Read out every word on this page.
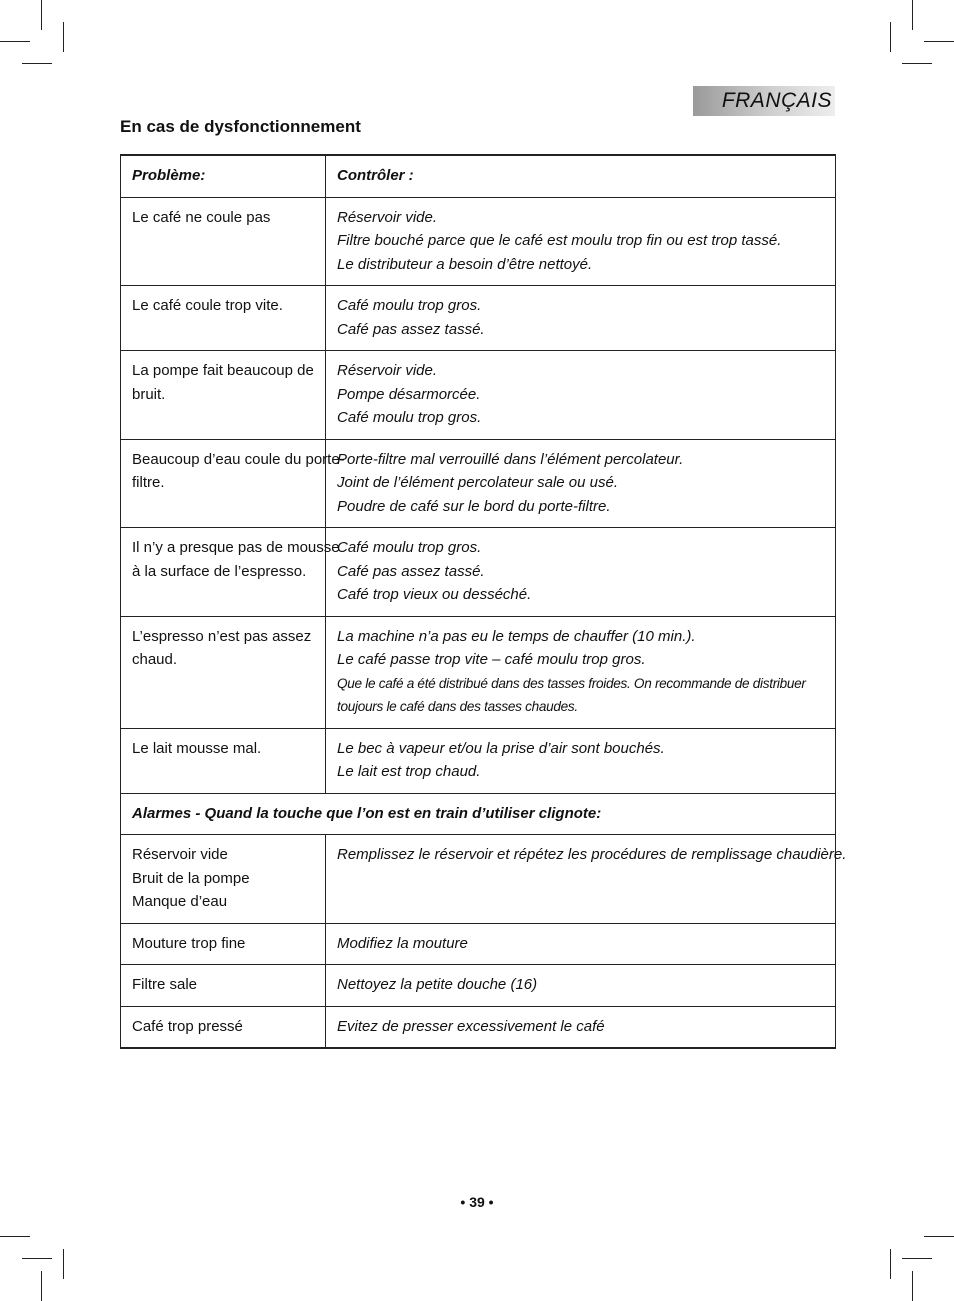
FRANÇAIS
En cas de dysfonctionnement
Problème:	Contrôler :

Le café ne coule pas	Réservoir vide.
Filtre bouché parce que le café est moulu trop fin ou est trop tassé.
Le distributeur a besoin d’être nettoyé.

Le café coule trop vite.	Café moulu trop gros.
Café pas assez tassé.

La pompe fait beaucoup de
bruit.	Réservoir vide.
Pompe désarmorcée.
Café moulu trop gros.

Beaucoup d’eau coule du porte-
filtre.	Porte-filtre mal verrouillé dans l’élément percolateur.
Joint de l’élément percolateur sale ou usé.
Poudre de café sur le bord du porte-filtre.

Il n’y a presque pas de mousse
à la surface de l’espresso.	Café moulu trop gros.
Café pas assez tassé.
Café trop vieux ou desséché.

L’espresso n’est pas assez
chaud.	La machine n’a pas eu le temps de chauffer (10 min.).
Le café passe trop vite – café moulu trop gros.
Que le café a été distribué dans des tasses froides. On recommande de distribuer toujours le café dans des tasses chaudes.

Le lait mousse mal.	Le bec à vapeur et/ou la prise d’air sont bouchés.
Le lait est trop chaud.

Alarmes - Quand la touche que l’on est en train d’utiliser clignote:	

Réservoir vide
Bruit de la pompe
Manque d’eau	Remplissez le réservoir et répétez les procédures de remplissage chaudière.

Mouture trop fine	Modifiez la mouture

Filtre sale	Nettoyez la petite douche (16)

Café trop pressé	Evitez de presser excessivement le café
• 39 •
